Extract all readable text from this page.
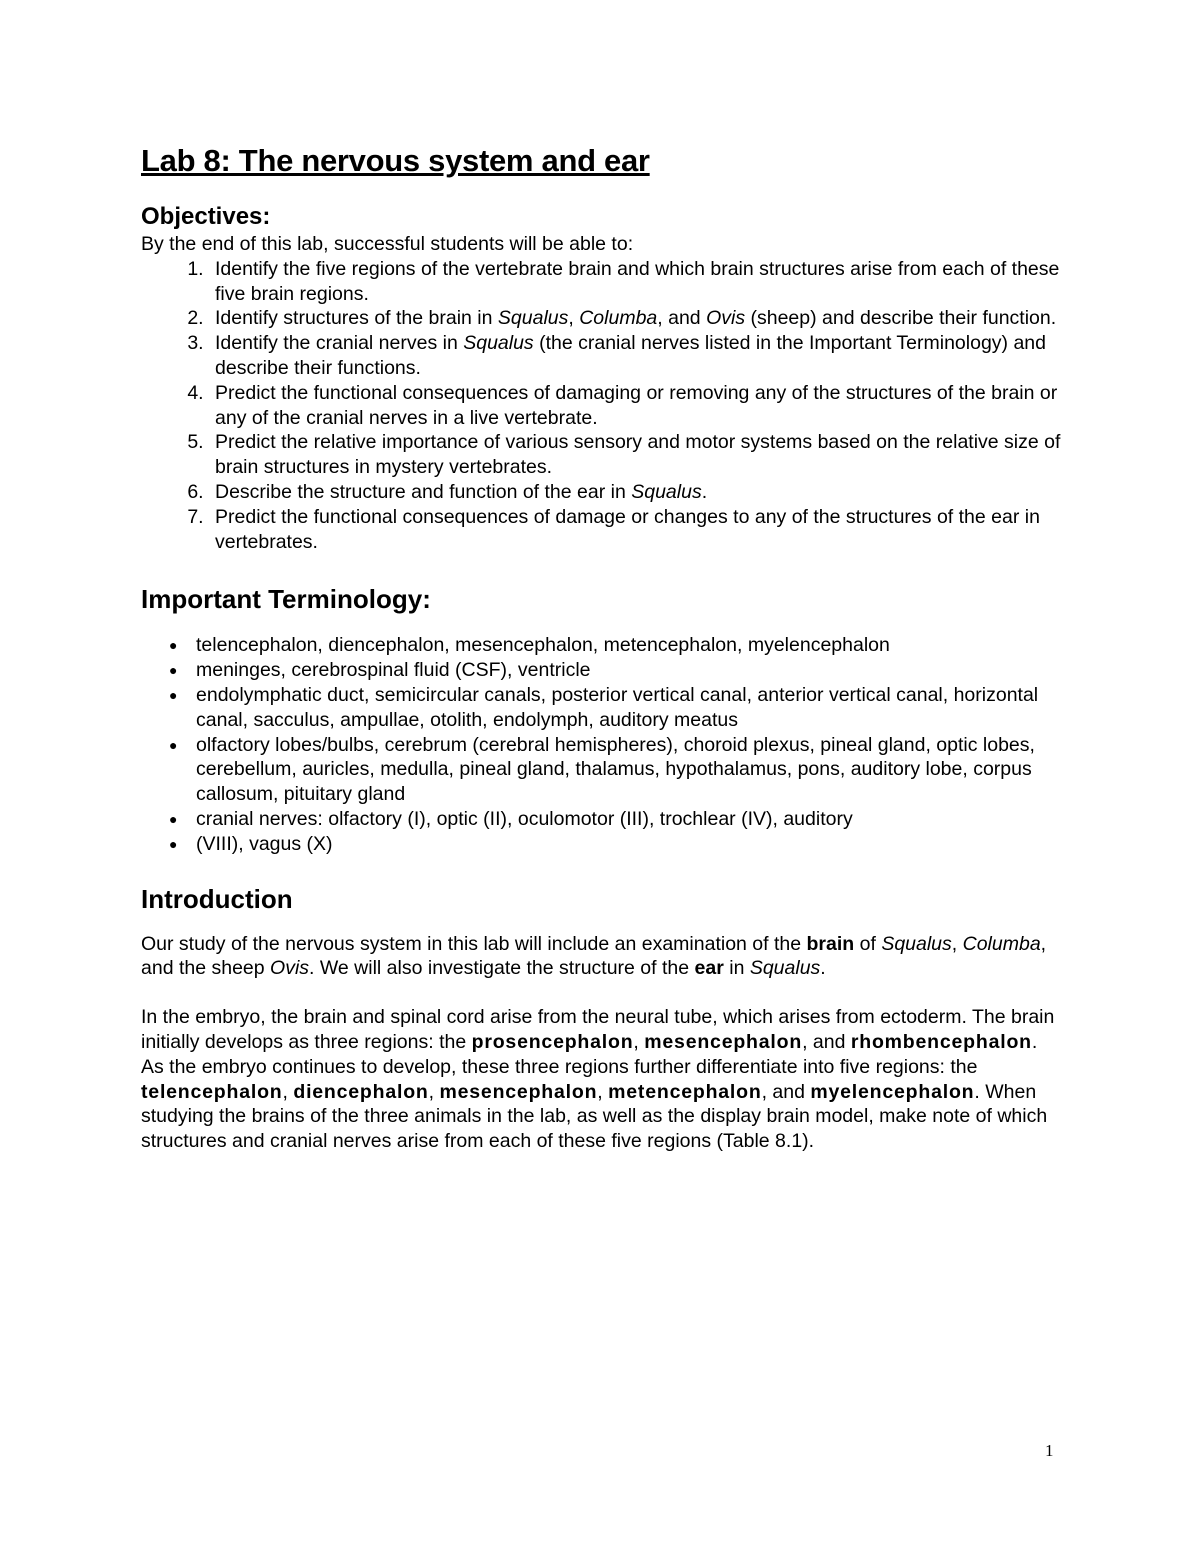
Lab 8: The nervous system and ear
Objectives:
By the end of this lab, successful students will be able to:
1. Identify the five regions of the vertebrate brain and which brain structures arise from each of these five brain regions.
2. Identify structures of the brain in Squalus, Columba, and Ovis (sheep) and describe their function.
3. Identify the cranial nerves in Squalus (the cranial nerves listed in the Important Terminology) and describe their functions.
4. Predict the functional consequences of damaging or removing any of the structures of the brain or any of the cranial nerves in a live vertebrate.
5. Predict the relative importance of various sensory and motor systems based on the relative size of brain structures in mystery vertebrates.
6. Describe the structure and function of the ear in Squalus.
7. Predict the functional consequences of damage or changes to any of the structures of the ear in vertebrates.
Important Terminology:
● telencephalon, diencephalon, mesencephalon, metencephalon, myelencephalon
● meninges, cerebrospinal fluid (CSF), ventricle
● endolymphatic duct, semicircular canals, posterior vertical canal, anterior vertical canal, horizontal canal, sacculus, ampullae, otolith, endolymph, auditory meatus
● olfactory lobes/bulbs, cerebrum (cerebral hemispheres), choroid plexus, pineal gland, optic lobes, cerebellum, auricles, medulla, pineal gland, thalamus, hypothalamus, pons, auditory lobe, corpus callosum, pituitary gland
● cranial nerves: olfactory (I), optic (II), oculomotor (III), trochlear (IV), auditory
● (VIII), vagus (X)
Introduction

Our study of the nervous system in this lab will include an examination of the brain of Squalus, Columba, and the sheep Ovis. We will also investigate the structure of the ear in Squalus.

In the embryo, the brain and spinal cord arise from the neural tube, which arises from ectoderm. The brain initially develops as three regions: the prosencephalon, mesencephalon, and rhombencephalon. As the embryo continues to develop, these three regions further differentiate into five regions: the telencephalon, diencephalon, mesencephalon, metencephalon, and myelencephalon. When studying the brains of the three animals in the lab, as well as the display brain model, make note of which structures and cranial nerves arise from each of these five regions (Table 8.1).

1
